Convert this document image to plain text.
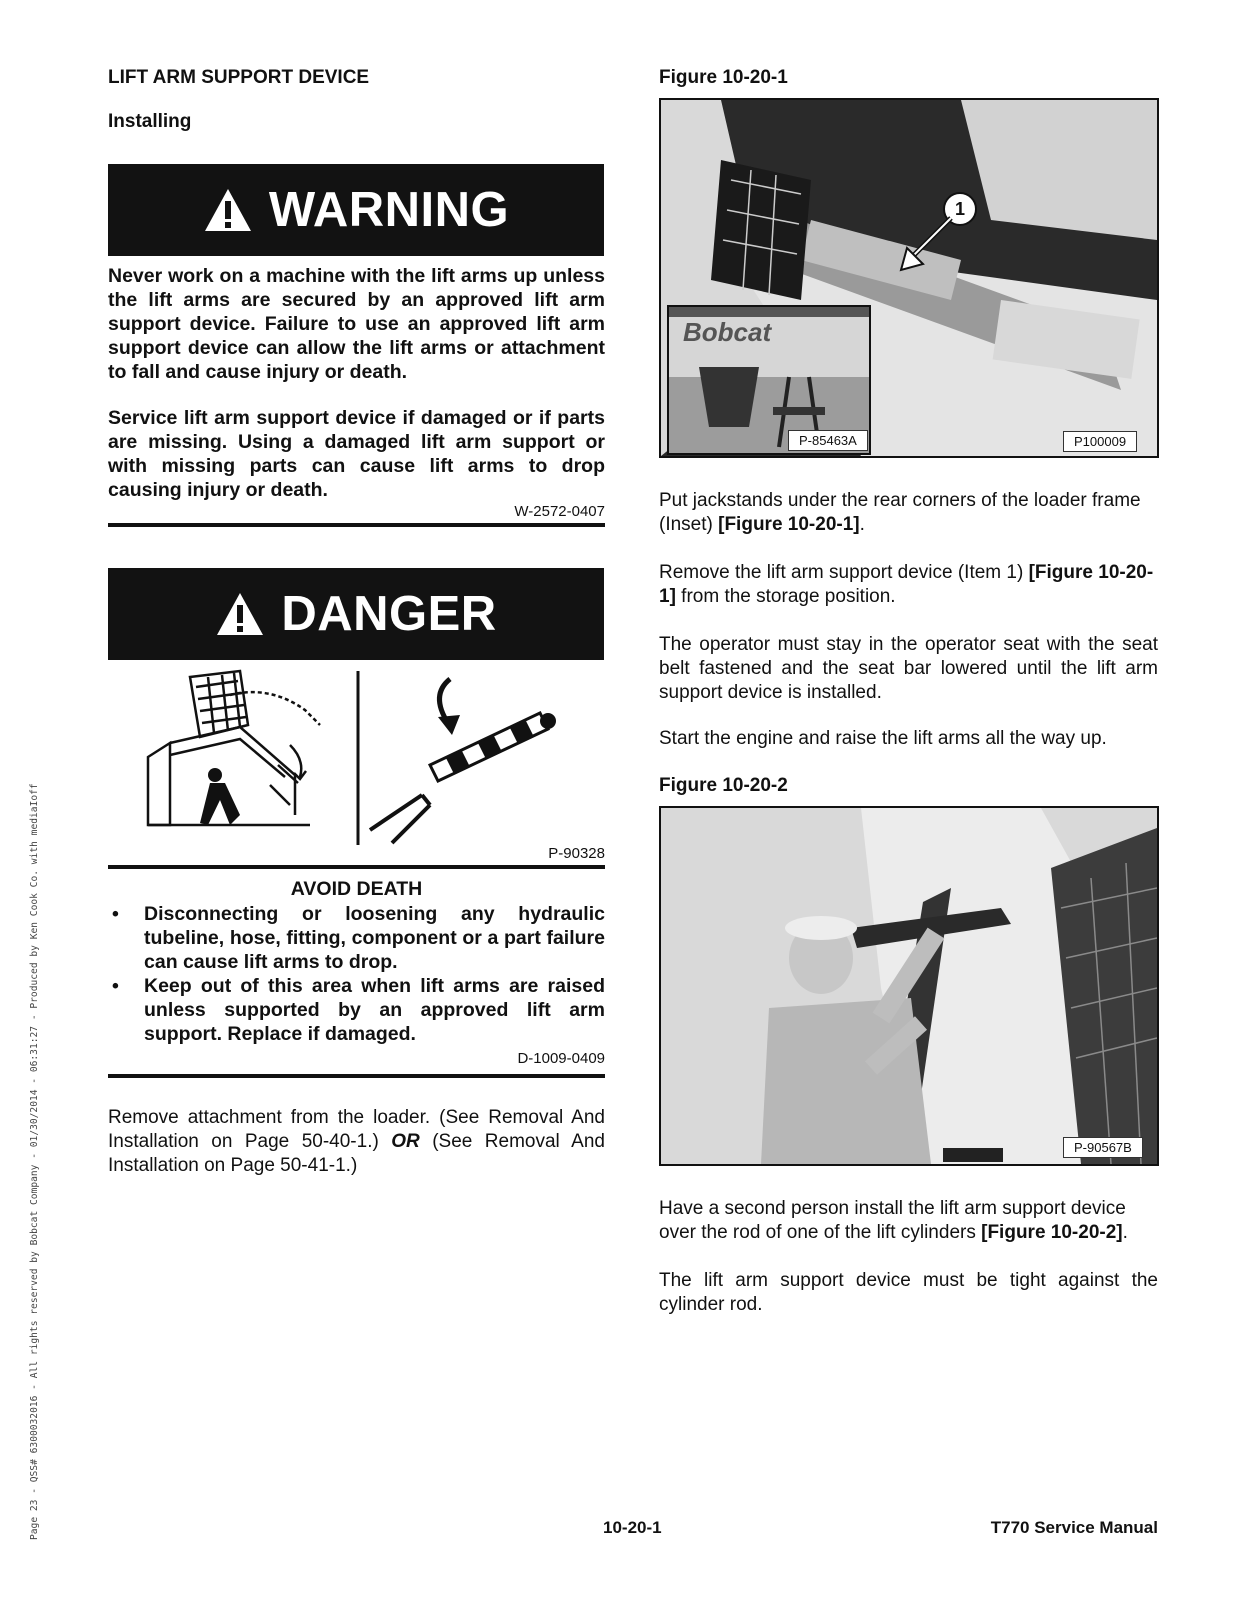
LIFT ARM SUPPORT DEVICE
Installing
WARNING
Never work on a machine with the lift arms up unless the lift arms are secured by an approved lift arm support device. Failure to use an approved lift arm support device can allow the lift arms or attachment to fall and cause injury or death.
Service lift arm support device if damaged or if parts are missing. Using a damaged lift arm support or with missing parts can cause lift arms to drop causing injury or death.
W-2572-0407
DANGER
P-90328
AVOID DEATH
• Disconnecting or loosening any hydraulic tubeline, hose, fitting, component or a part failure can cause lift arms to drop.
• Keep out of this area when lift arms are raised unless supported by an approved lift arm support. Replace if damaged.
D-1009-0409
Remove attachment from the loader. (See Removal And Installation on Page 50-40-1.) OR (See Removal And Installation on Page 50-41-1.)
Figure 10-20-1
Bobcat
P-85463A	P100009
1
Put jackstands under the rear corners of the loader frame (Inset) [Figure 10-20-1].
Remove the lift arm support device (Item 1) [Figure 10-20-1] from the storage position.
The operator must stay in the operator seat with the seat belt fastened and the seat bar lowered until the lift arm support device is installed.
Start the engine and raise the lift arms all the way up.
Figure 10-20-2
P-90567B
Have a second person install the lift arm support device over the rod of one of the lift cylinders [Figure 10-20-2].
The lift arm support device must be tight against the cylinder rod.
10-20-1	T770 Service Manual
Page 23 - QSS# 6300032016 - All rights reserved by Bobcat Company - 01/30/2014 - 06:31:27 - Produced by Ken Cook Co. with mediaIoff
